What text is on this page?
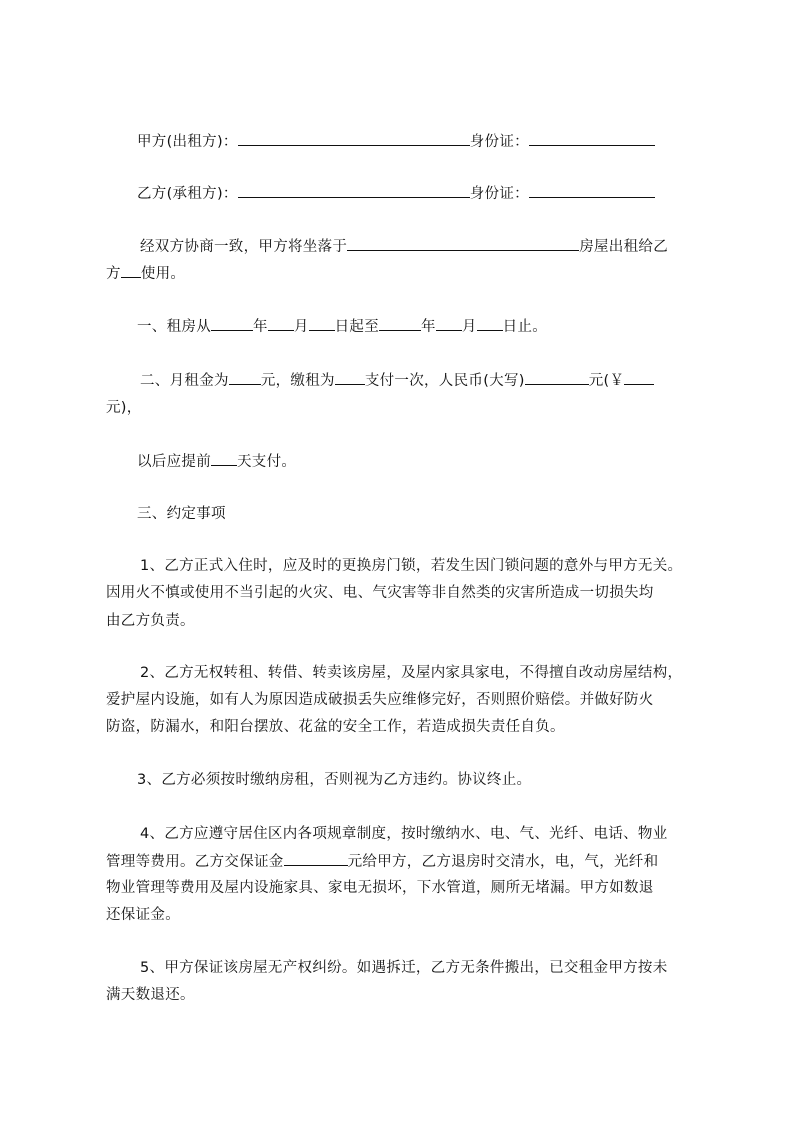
甲方(出租方)：	身份证：
乙方(承租方)：	身份证：
经双方协商一致，甲方将坐落于	房屋出租给乙
方 使用。
一、租房从	年 月 日起至	年 月 日止。
二、月租金为 元，缴租为 支付一次，人民币(大写)	元(￥
元)，
以后应提前 天支付。
三、约定事项
1、乙方正式入住时，应及时的更换房门锁，若发生因门锁问题的意外与甲方无关。
因用火不慎或使用不当引起的火灾、电、气灾害等非自然类的灾害所造成一切损失均
由乙方负责。
2、乙方无权转租、转借、转卖该房屋，及屋内家具家电，不得擅自改动房屋结构，
爱护屋内设施，如有人为原因造成破损丢失应维修完好，否则照价赔偿。并做好防火
防盗，防漏水，和阳台摆放、花盆的安全工作，若造成损失责任自负。
3、乙方必须按时缴纳房租，否则视为乙方违约。协议终止。
4、乙方应遵守居住区内各项规章制度，按时缴纳水、电、气、光纤、电话、物业
管理等费用。乙方交保证金	元给甲方，乙方退房时交清水，电，气，光纤和
物业管理等费用及屋内设施家具、家电无损坏，下水管道，厕所无堵漏。甲方如数退
还保证金。
5、甲方保证该房屋无产权纠纷。如遇拆迁，乙方无条件搬出，已交租金甲方按未
满天数退还。
